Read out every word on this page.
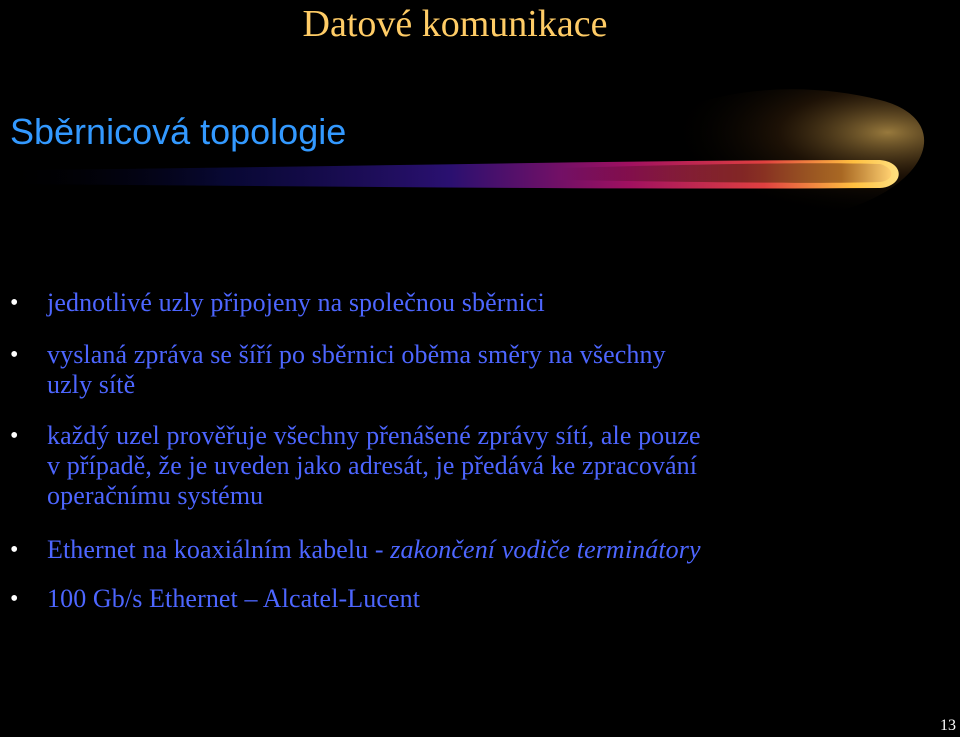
Datové komunikace
Sběrnicová topologie
• jednotlivé uzly připojeny na společnou sběrnici
• vyslaná zpráva se šíří po sběrnici oběma směry na všechny
uzly sítě
• každý uzel prověřuje všechny přenášené zprávy sítí, ale pouze
v případě, že je uveden jako adresát, je předává ke zpracování
operačnímu systému
• Ethernet na koaxiálním kabelu - zakončení vodiče terminátory
• 100 Gb/s Ethernet – Alcatel-Lucent
13
